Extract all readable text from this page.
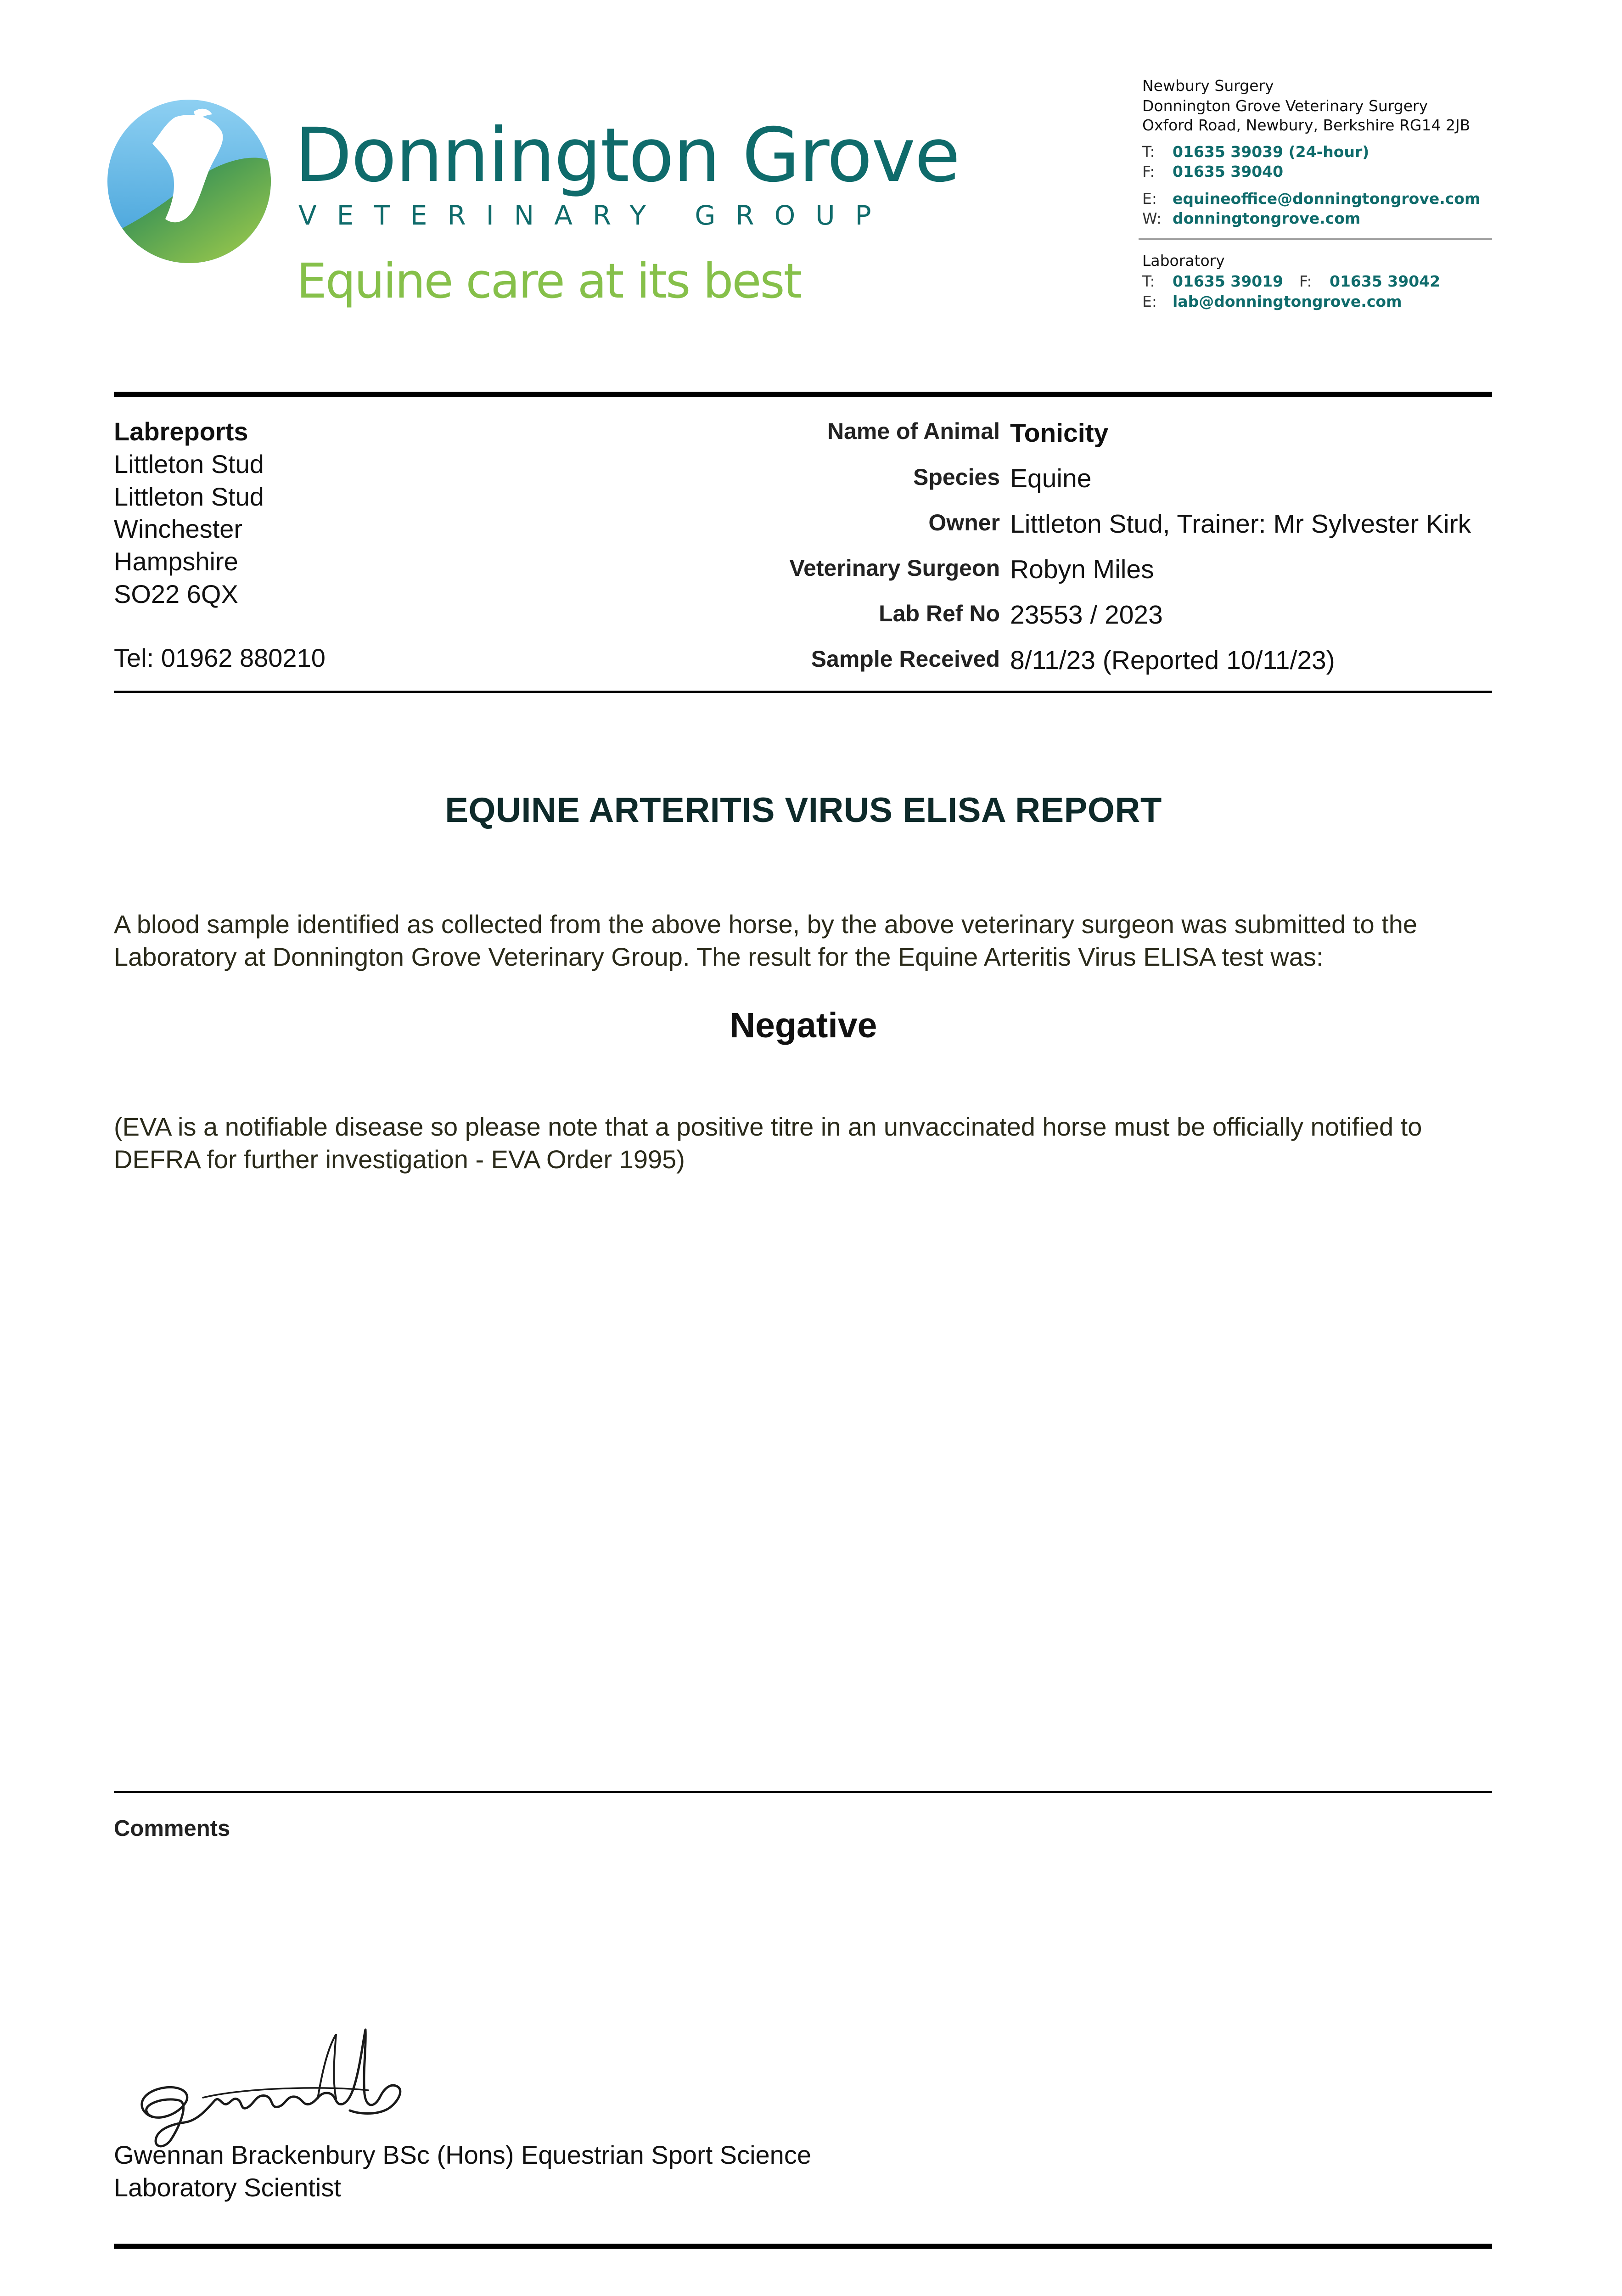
Donnington Grove
VETERINARY GROUP
Equine care at its best
Newbury Surgery
Donnington Grove Veterinary Surgery
Oxford Road, Newbury, Berkshire RG14 2JB
T: 01635 39039 (24-hour)
F: 01635 39040
E: equineoffice@donningtongrove.com
W: donningtongrove.com
Laboratory
T: 01635 39019 F: 01635 39042
E: lab@donningtongrove.com
Labreports
Littleton Stud
Littleton Stud
Winchester
Hampshire
SO22 6QX
Tel: 01962 880210
Name of Animal Tonicity
Species Equine
Owner Littleton Stud, Trainer: Mr Sylvester Kirk
Veterinary Surgeon Robyn Miles
Lab Ref No 23553 / 2023
Sample Received 8/11/23 (Reported 10/11/23)
EQUINE ARTERITIS VIRUS ELISA REPORT
A blood sample identified as collected from the above horse, by the above veterinary surgeon was submitted to the Laboratory at Donnington Grove Veterinary Group. The result for the Equine Arteritis Virus ELISA test was:
Negative
(EVA is a notifiable disease so please note that a positive titre in an unvaccinated horse must be officially notified to DEFRA for further investigation - EVA Order 1995)
Comments
Gwennan Brackenbury BSc (Hons) Equestrian Sport Science
Laboratory Scientist
